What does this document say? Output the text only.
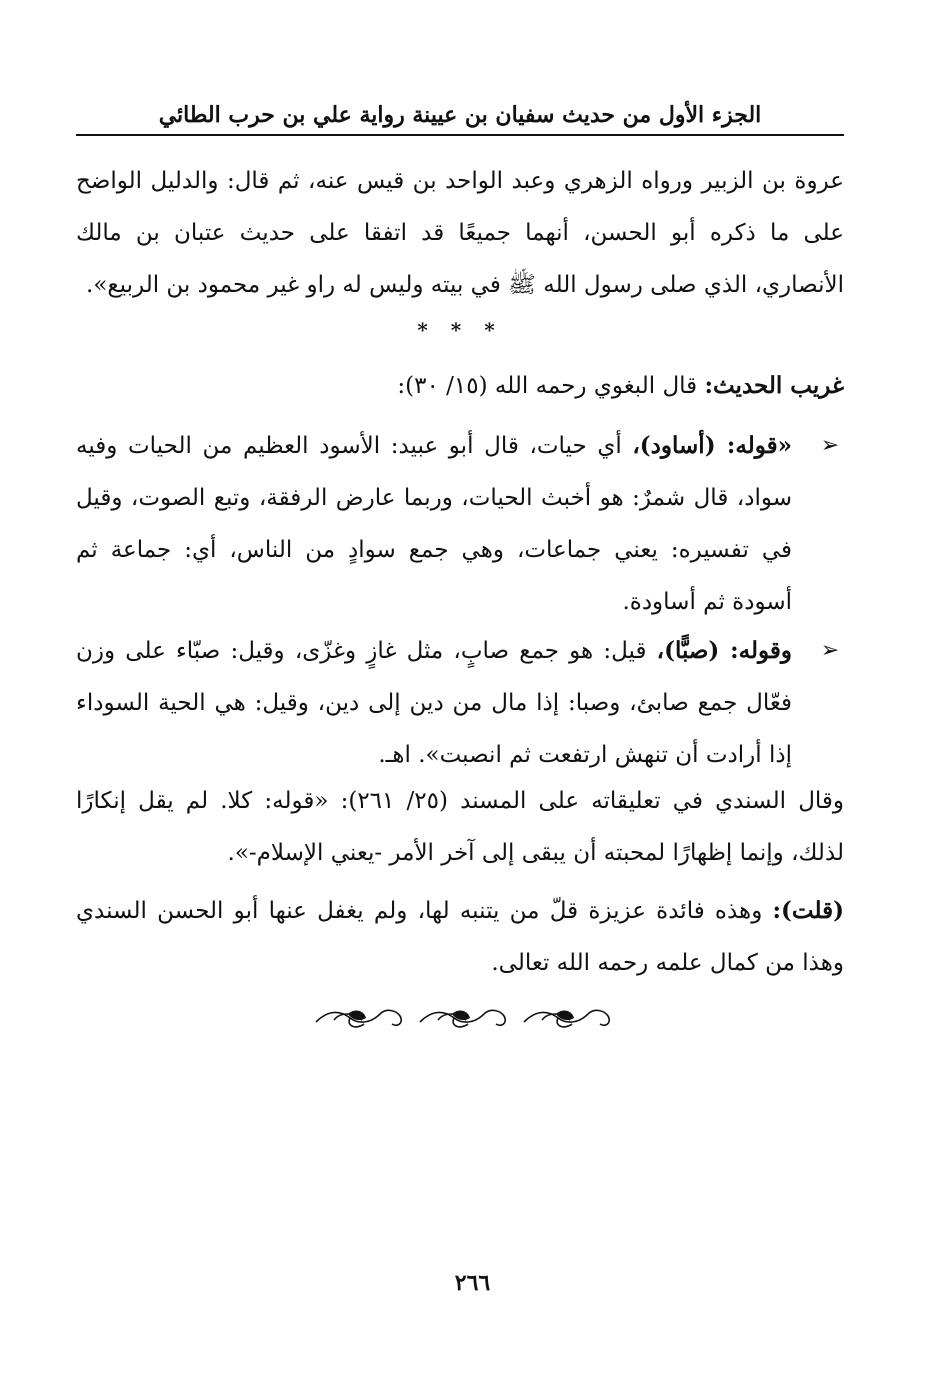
الجزء الأول من حديث سفيان بن عيينة رواية علي بن حرب الطائي
عروة بن الزبير ورواه الزهري وعبد الواحد بن قيس عنه، ثم قال: والدليل الواضح على ما ذكره أبو الحسن، أنهما جميعًا قد اتفقا على حديث عتبان بن مالك الأنصاري، الذي صلى رسول الله ﷺ في بيته وليس له راو غير محمود بن الربيع».
* * *
غريب الحديث: قال البغوي رحمه الله (١٥/ ٣٠):
➢
«قوله: (أساود)، أي حيات، قال أبو عبيد: الأسود العظيم من الحيات وفيه سواد، قال شمرٌ: هو أخبث الحيات، وربما عارض الرفقة، وتبع الصوت، وقيل في تفسيره: يعني جماعات، وهي جمع سوادٍ من الناس، أي: جماعة ثم أسودة ثم أساودة.
➢
وقوله: (صبًّا)، قيل: هو جمع صابٍ، مثل غازٍ وغزّى، وقيل: صبّاء على وزن فعّال جمع صابئ، وصبا: إذا مال من دين إلى دين، وقيل: هي الحية السوداء إذا أرادت أن تنهش ارتفعت ثم انصبت». اهـ.
وقال السندي في تعليقاته على المسند (٢٥/ ٢٦١): «قوله: كلا. لم يقل إنكارًا لذلك، وإنما إظهارًا لمحبته أن يبقى إلى آخر الأمر -يعني الإسلام-».
(قلت): وهذه فائدة عزيزة قلّ من يتنبه لها، ولم يغفل عنها أبو الحسن السندي وهذا من كمال علمه رحمه الله تعالى.
٢٦٦
